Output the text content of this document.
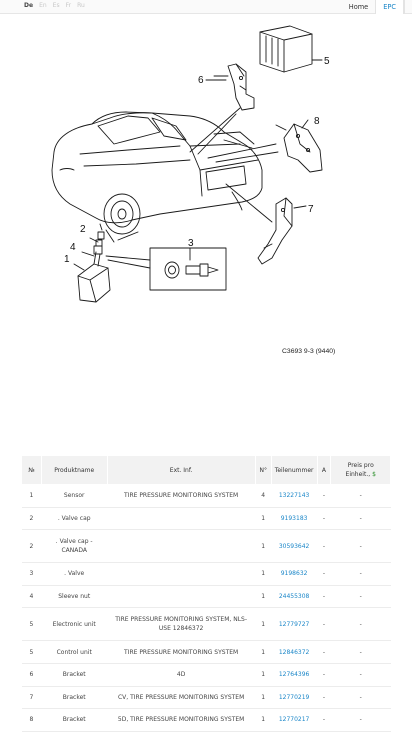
De En Es Fr Ru	Home	EPC
5
6
8
7
2
3
4
1
C3693 9-3 (9440)
№	Produktname	Ext. Inf.	N°	Teilenummer	A	Preis pro
Einheit., $
1	Sensor	TIRE PRESSURE MONITORING SYSTEM	4	13227143	-	-
2	. Valve cap		1	9193183	-	-
2	. Valve cap - CANADA		1	30593642	-	-
3	. Valve		1	9198632	-	-
4	Sleeve nut		1	24455308	-	-
5	Electronic unit	TIRE PRESSURE MONITORING SYSTEM, NLS-USE 12846372	1	12779727	-	-
5	Control unit	TIRE PRESSURE MONITORING SYSTEM	1	12846372	-	-
6	Bracket	4D	1	12764396	-	-
7	Bracket	CV, TIRE PRESSURE MONITORING SYSTEM	1	12770219	-	-
8	Bracket	5D, TIRE PRESSURE MONITORING SYSTEM	1	12770217	-	-
